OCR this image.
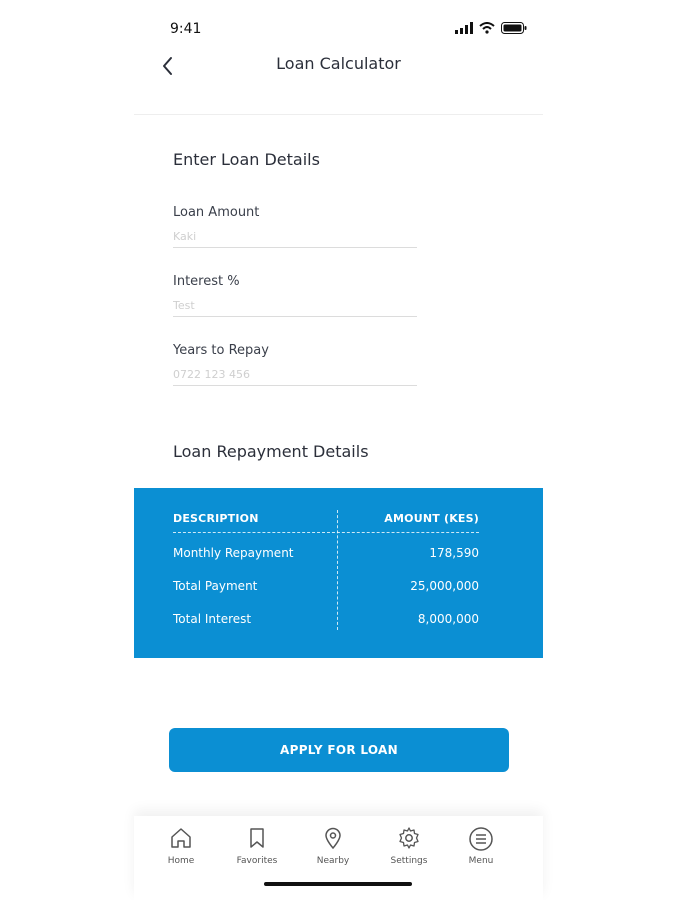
9:41
Loan Calculator
Enter Loan Details
Loan Amount
Kaki
Interest %
Test
Years to Repay
0722 123 456
Loan Repayment Details
DESCRIPTION	AMOUNT (KES)
Monthly Repayment	178,590
Total Payment	25,000,000
Total Interest	8,000,000
APPLY FOR LOAN
Home	Favorites	Nearby	Settings	Menu
